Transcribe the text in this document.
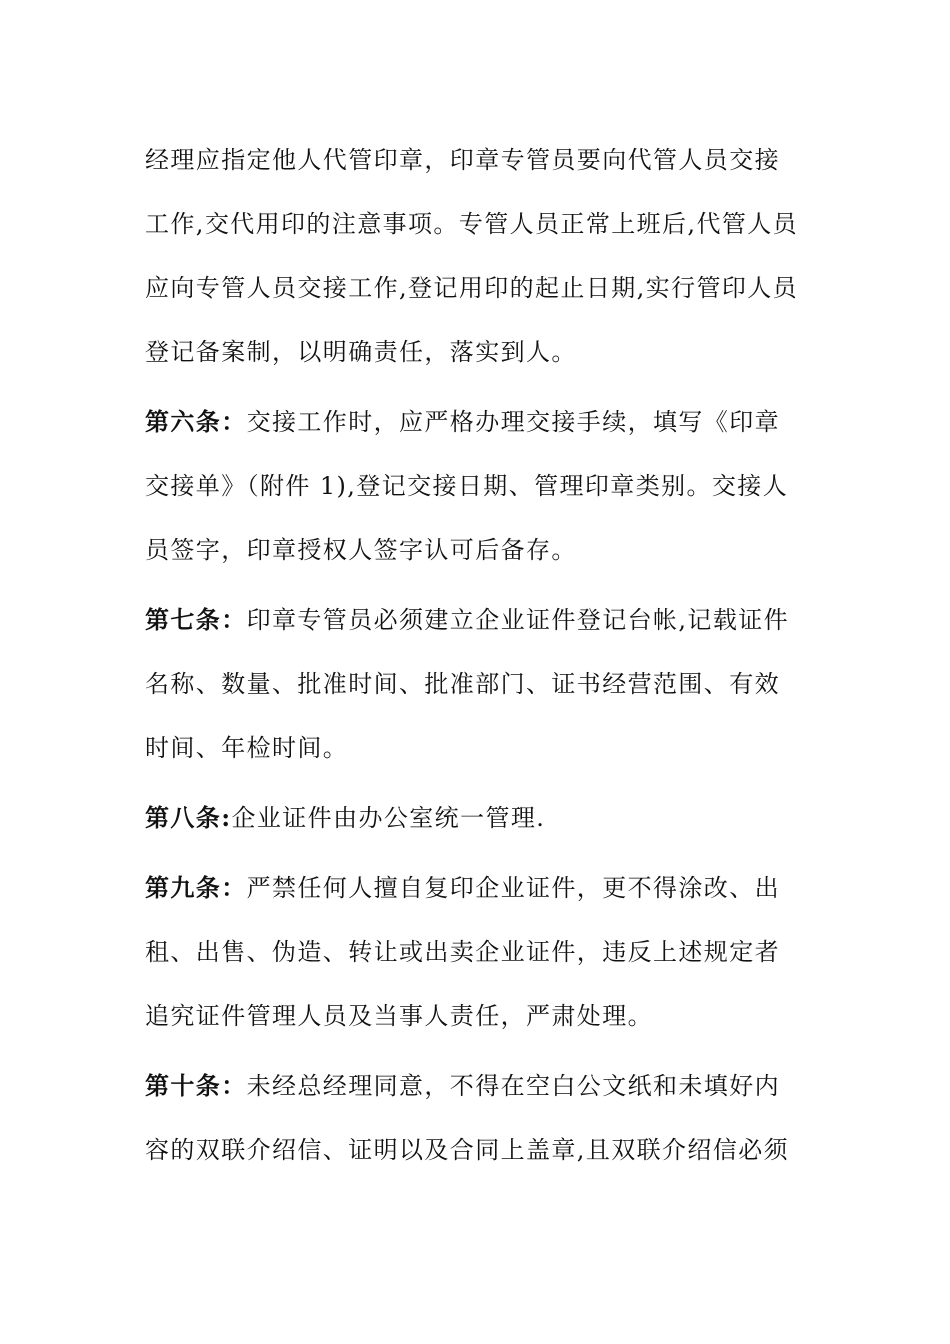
经理应指定他人代管印章，印章专管员要向代管人员交接
工作,交代用印的注意事项。专管人员正常上班后,代管人员
应向专管人员交接工作,登记用印的起止日期,实行管印人员
登记备案制，以明确责任，落实到人。

第六条：交接工作时，应严格办理交接手续，填写《印章
交接单》（附件 1),登记交接日期、管理印章类别。交接人
员签字，印章授权人签字认可后备存。

第七条：印章专管员必须建立企业证件登记台帐,记载证件
名称、数量、批准时间、批准部门、证书经营范围、有效
时间、年检时间。

第八条:企业证件由办公室统一管理.

第九条：严禁任何人擅自复印企业证件，更不得涂改、出
租、出售、伪造、转让或出卖企业证件，违反上述规定者
追究证件管理人员及当事人责任，严肃处理。

第十条：未经总经理同意，不得在空白公文纸和未填好内
容的双联介绍信、证明以及合同上盖章,且双联介绍信必须
